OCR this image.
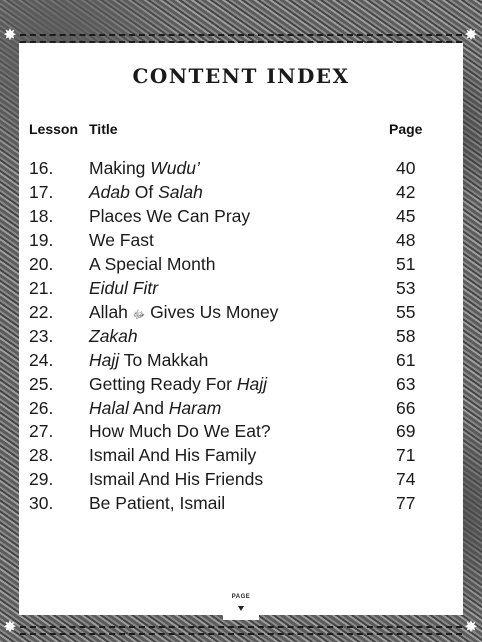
✸	✸
✸	✸
CONTENT INDEX
Lesson Title	Page
16. Making Wudu’	40
17. Adab Of Salah	42
18. Places We Can Pray	45
19. We Fast	48
20. A Special Month	51
21. Eidul Fitr	53
22. Allah ﷻ Gives Us Money	55
23. Zakah	58
24. Hajj To Makkah	61
25. Getting Ready For Hajj	63
26. Halal And Haram	66
27. How Much Do We Eat?	69
28. Ismail And His Family	71
29. Ismail And His Friends	74
30. Be Patient, Ismail	77
PAGE
